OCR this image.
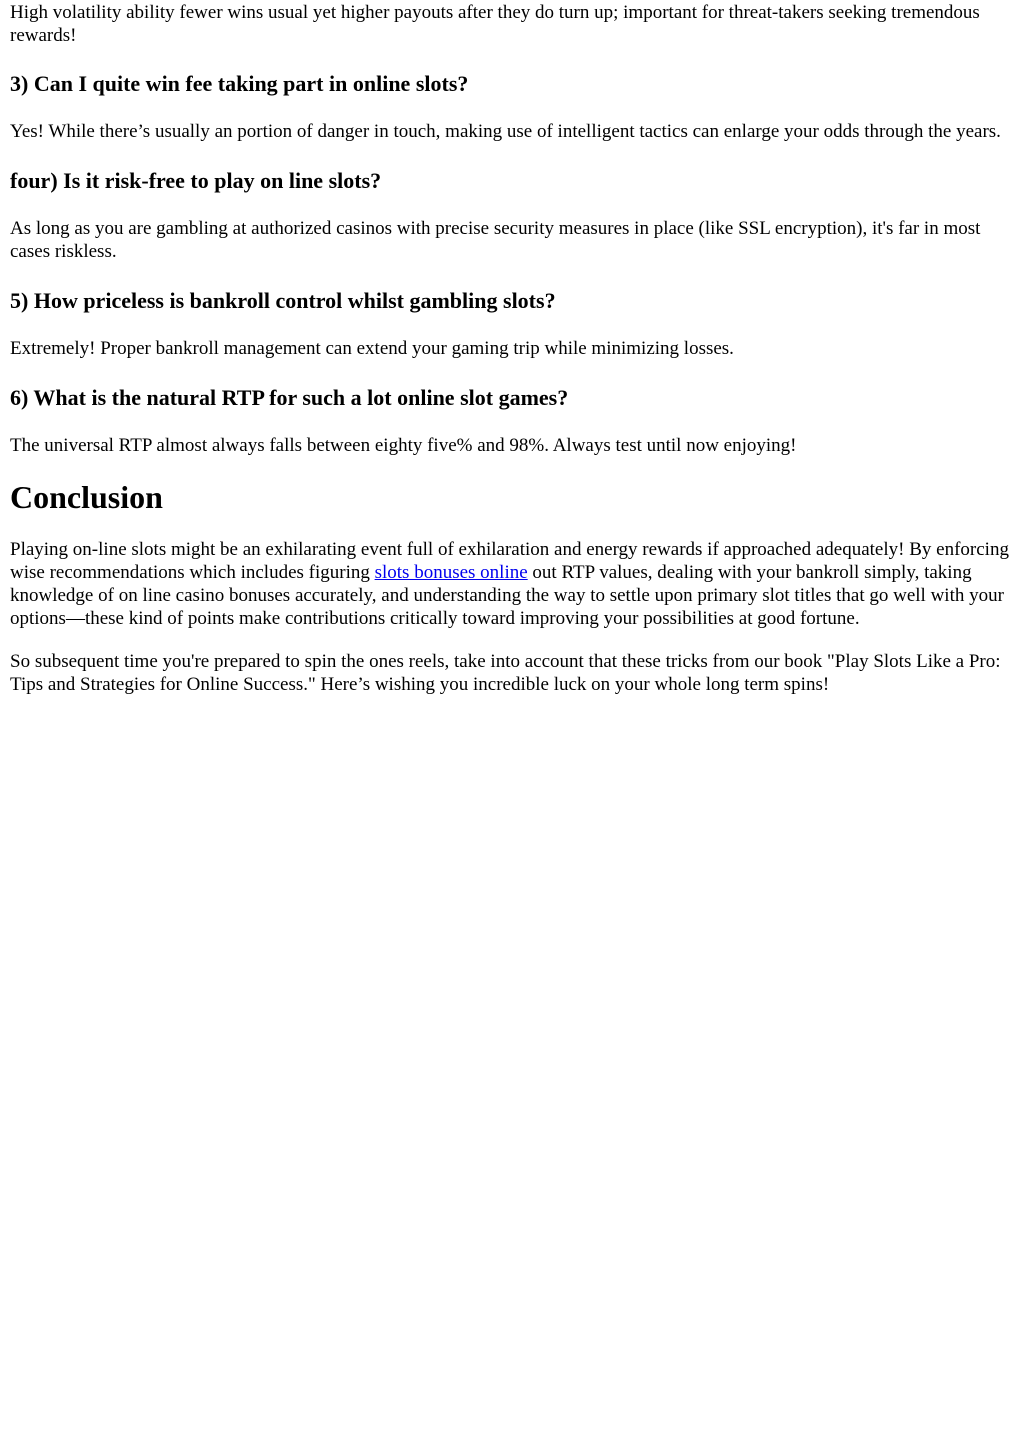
High volatility ability fewer wins usual yet higher payouts after they do turn up; important for threat-takers seeking tremendous rewards!

3) Can I quite win fee taking part in online slots?

Yes! While there’s usually an portion of danger in touch, making use of intelligent tactics can enlarge your odds through the years.

four) Is it risk-free to play on line slots?

As long as you are gambling at authorized casinos with precise security measures in place (like SSL encryption), it's far in most cases riskless.

5) How priceless is bankroll control whilst gambling slots?

Extremely! Proper bankroll management can extend your gaming trip while minimizing losses.

6) What is the natural RTP for such a lot online slot games?

The universal RTP almost always falls between eighty five% and 98%. Always test until now enjoying!

Conclusion

Playing on-line slots might be an exhilarating event full of exhilaration and energy rewards if approached adequately! By enforcing wise recommendations which includes figuring slots bonuses online out RTP values, dealing with your bankroll simply, taking knowledge of on line casino bonuses accurately, and understanding the way to settle upon primary slot titles that go well with your options—these kind of points make contributions critically toward improving your possibilities at good fortune.

So subsequent time you're prepared to spin the ones reels, take into account that these tricks from our book "Play Slots Like a Pro: Tips and Strategies for Online Success." Here’s wishing you incredible luck on your whole long term spins!
